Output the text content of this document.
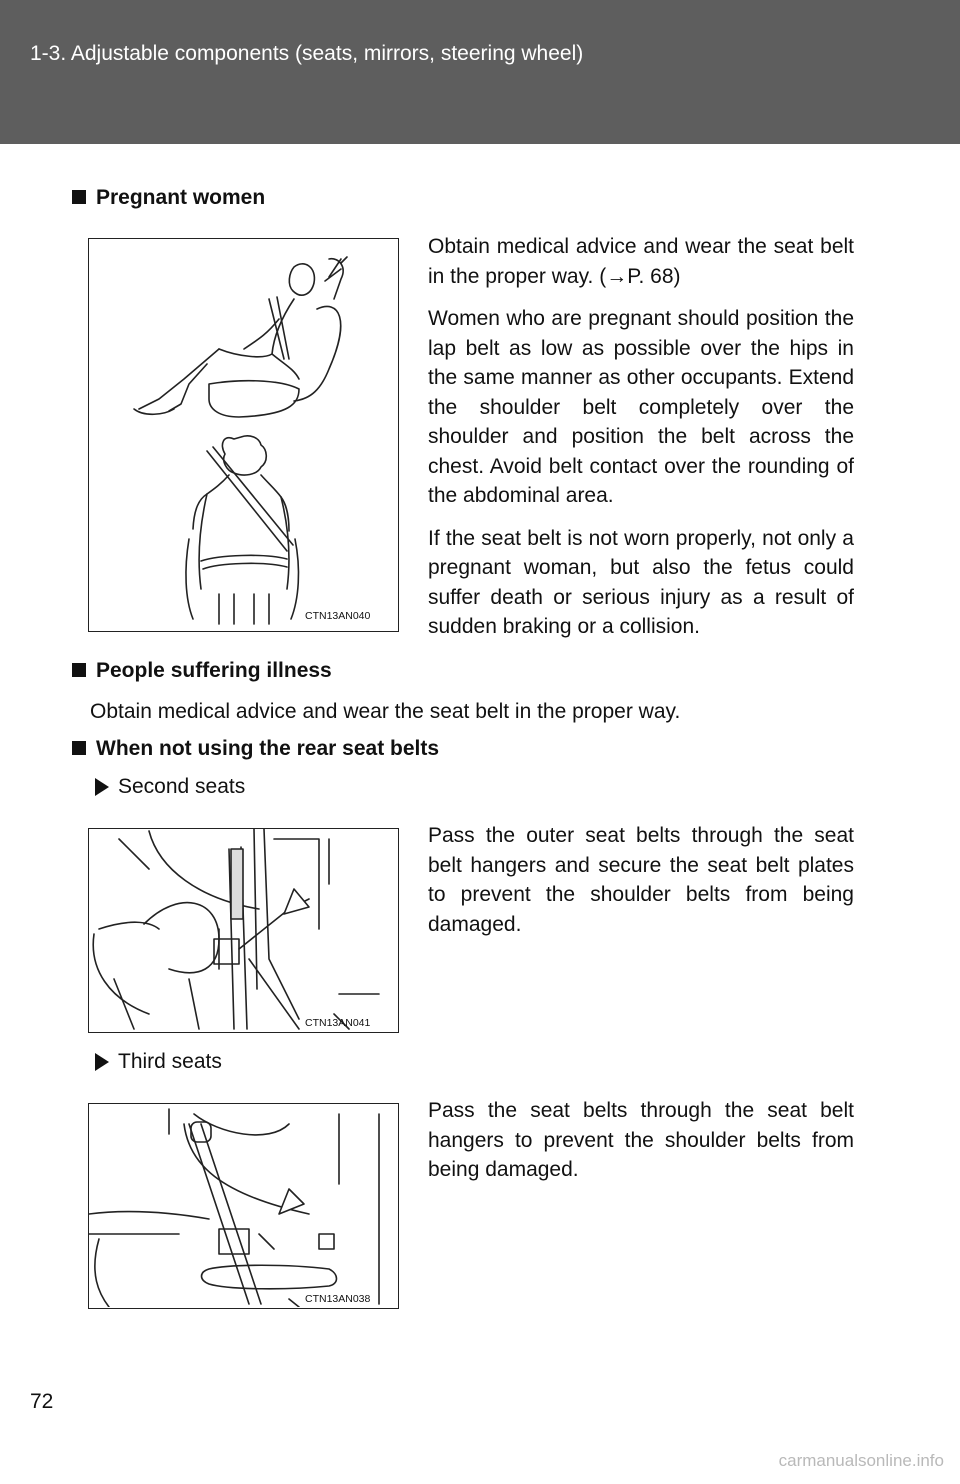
1-3. Adjustable components (seats, mirrors, steering wheel)
Pregnant women
CTN13AN040

Obtain medical advice and wear the seat belt in the proper way. (→P. 68)

Women who are pregnant should position the lap belt as low as possible over the hips in the same manner as other occupants. Extend the shoulder belt completely over the shoulder and position the belt across the chest. Avoid belt contact over the rounding of the abdominal area.

If the seat belt is not worn properly, not only a pregnant woman, but also the fetus could suffer death or serious injury as a result of sudden braking or a collision.

People suffering illness
Obtain medical advice and wear the seat belt in the proper way.
When not using the rear seat belts
Second seats
CTN13AN041
Pass the outer seat belts through the seat belt hangers and secure the seat belt plates to prevent the shoulder belts from being damaged.
Third seats
CTN13AN038
Pass the seat belts through the seat belt hangers to prevent the shoulder belts from being damaged.
72
carmanualsonline.info
